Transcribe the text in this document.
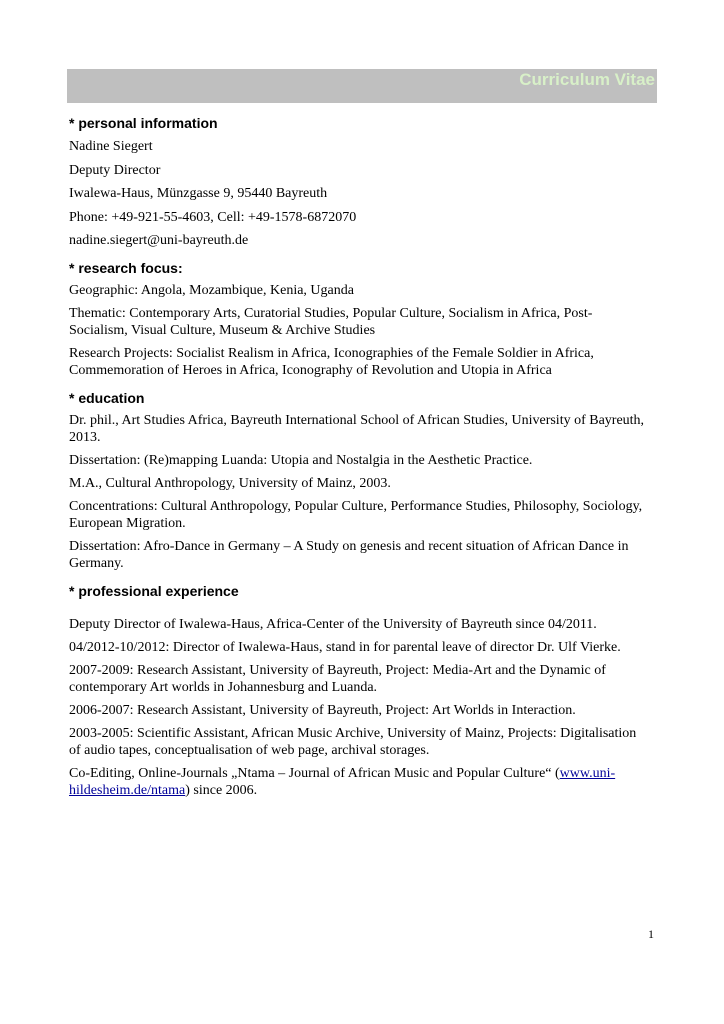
Curriculum Vitae
* personal information

Nadine Siegert

Deputy Director

Iwalewa-Haus, Münzgasse 9, 95440 Bayreuth

Phone: +49-921-55-4603, Cell: +49-1578-6872070

nadine.siegert@uni-bayreuth.de

* research focus:

Geographic: Angola, Mozambique, Kenia, Uganda

Thematic: Contemporary Arts, Curatorial Studies, Popular Culture, Socialism in Africa, Post-Socialism, Visual Culture, Museum & Archive Studies

Research Projects: Socialist Realism in Africa, Iconographies of the Female Soldier in Africa, Commemoration of Heroes in Africa, Iconography of Revolution and Utopia in Africa

* education

Dr. phil., Art Studies Africa, Bayreuth International School of African Studies, University of Bayreuth, 2013.

Dissertation: (Re)mapping Luanda: Utopia and Nostalgia in the Aesthetic Practice.

M.A., Cultural Anthropology, University of Mainz, 2003.

Concentrations: Cultural Anthropology, Popular Culture, Performance Studies, Philosophy, Sociology, European Migration.

Dissertation: Afro-Dance in Germany – A Study on genesis and recent situation of African Dance in Germany.

* professional experience

Deputy Director of Iwalewa-Haus, Africa-Center of the University of Bayreuth since 04/2011.

04/2012-10/2012: Director of Iwalewa-Haus, stand in for parental leave of director Dr. Ulf Vierke.

2007-2009: Research Assistant, University of Bayreuth, Project: Media-Art and the Dynamic of contemporary Art worlds in Johannesburg and Luanda.

2006-2007: Research Assistant, University of Bayreuth, Project: Art Worlds in Interaction.

2003-2005: Scientific Assistant, African Music Archive, University of Mainz, Projects: Digitalisation of audio tapes, conceptualisation of web page, archival storages.

Co-Editing, Online-Journals „Ntama – Journal of African Music and Popular Culture“ (www.uni-hildesheim.de/ntama) since 2006.

1
